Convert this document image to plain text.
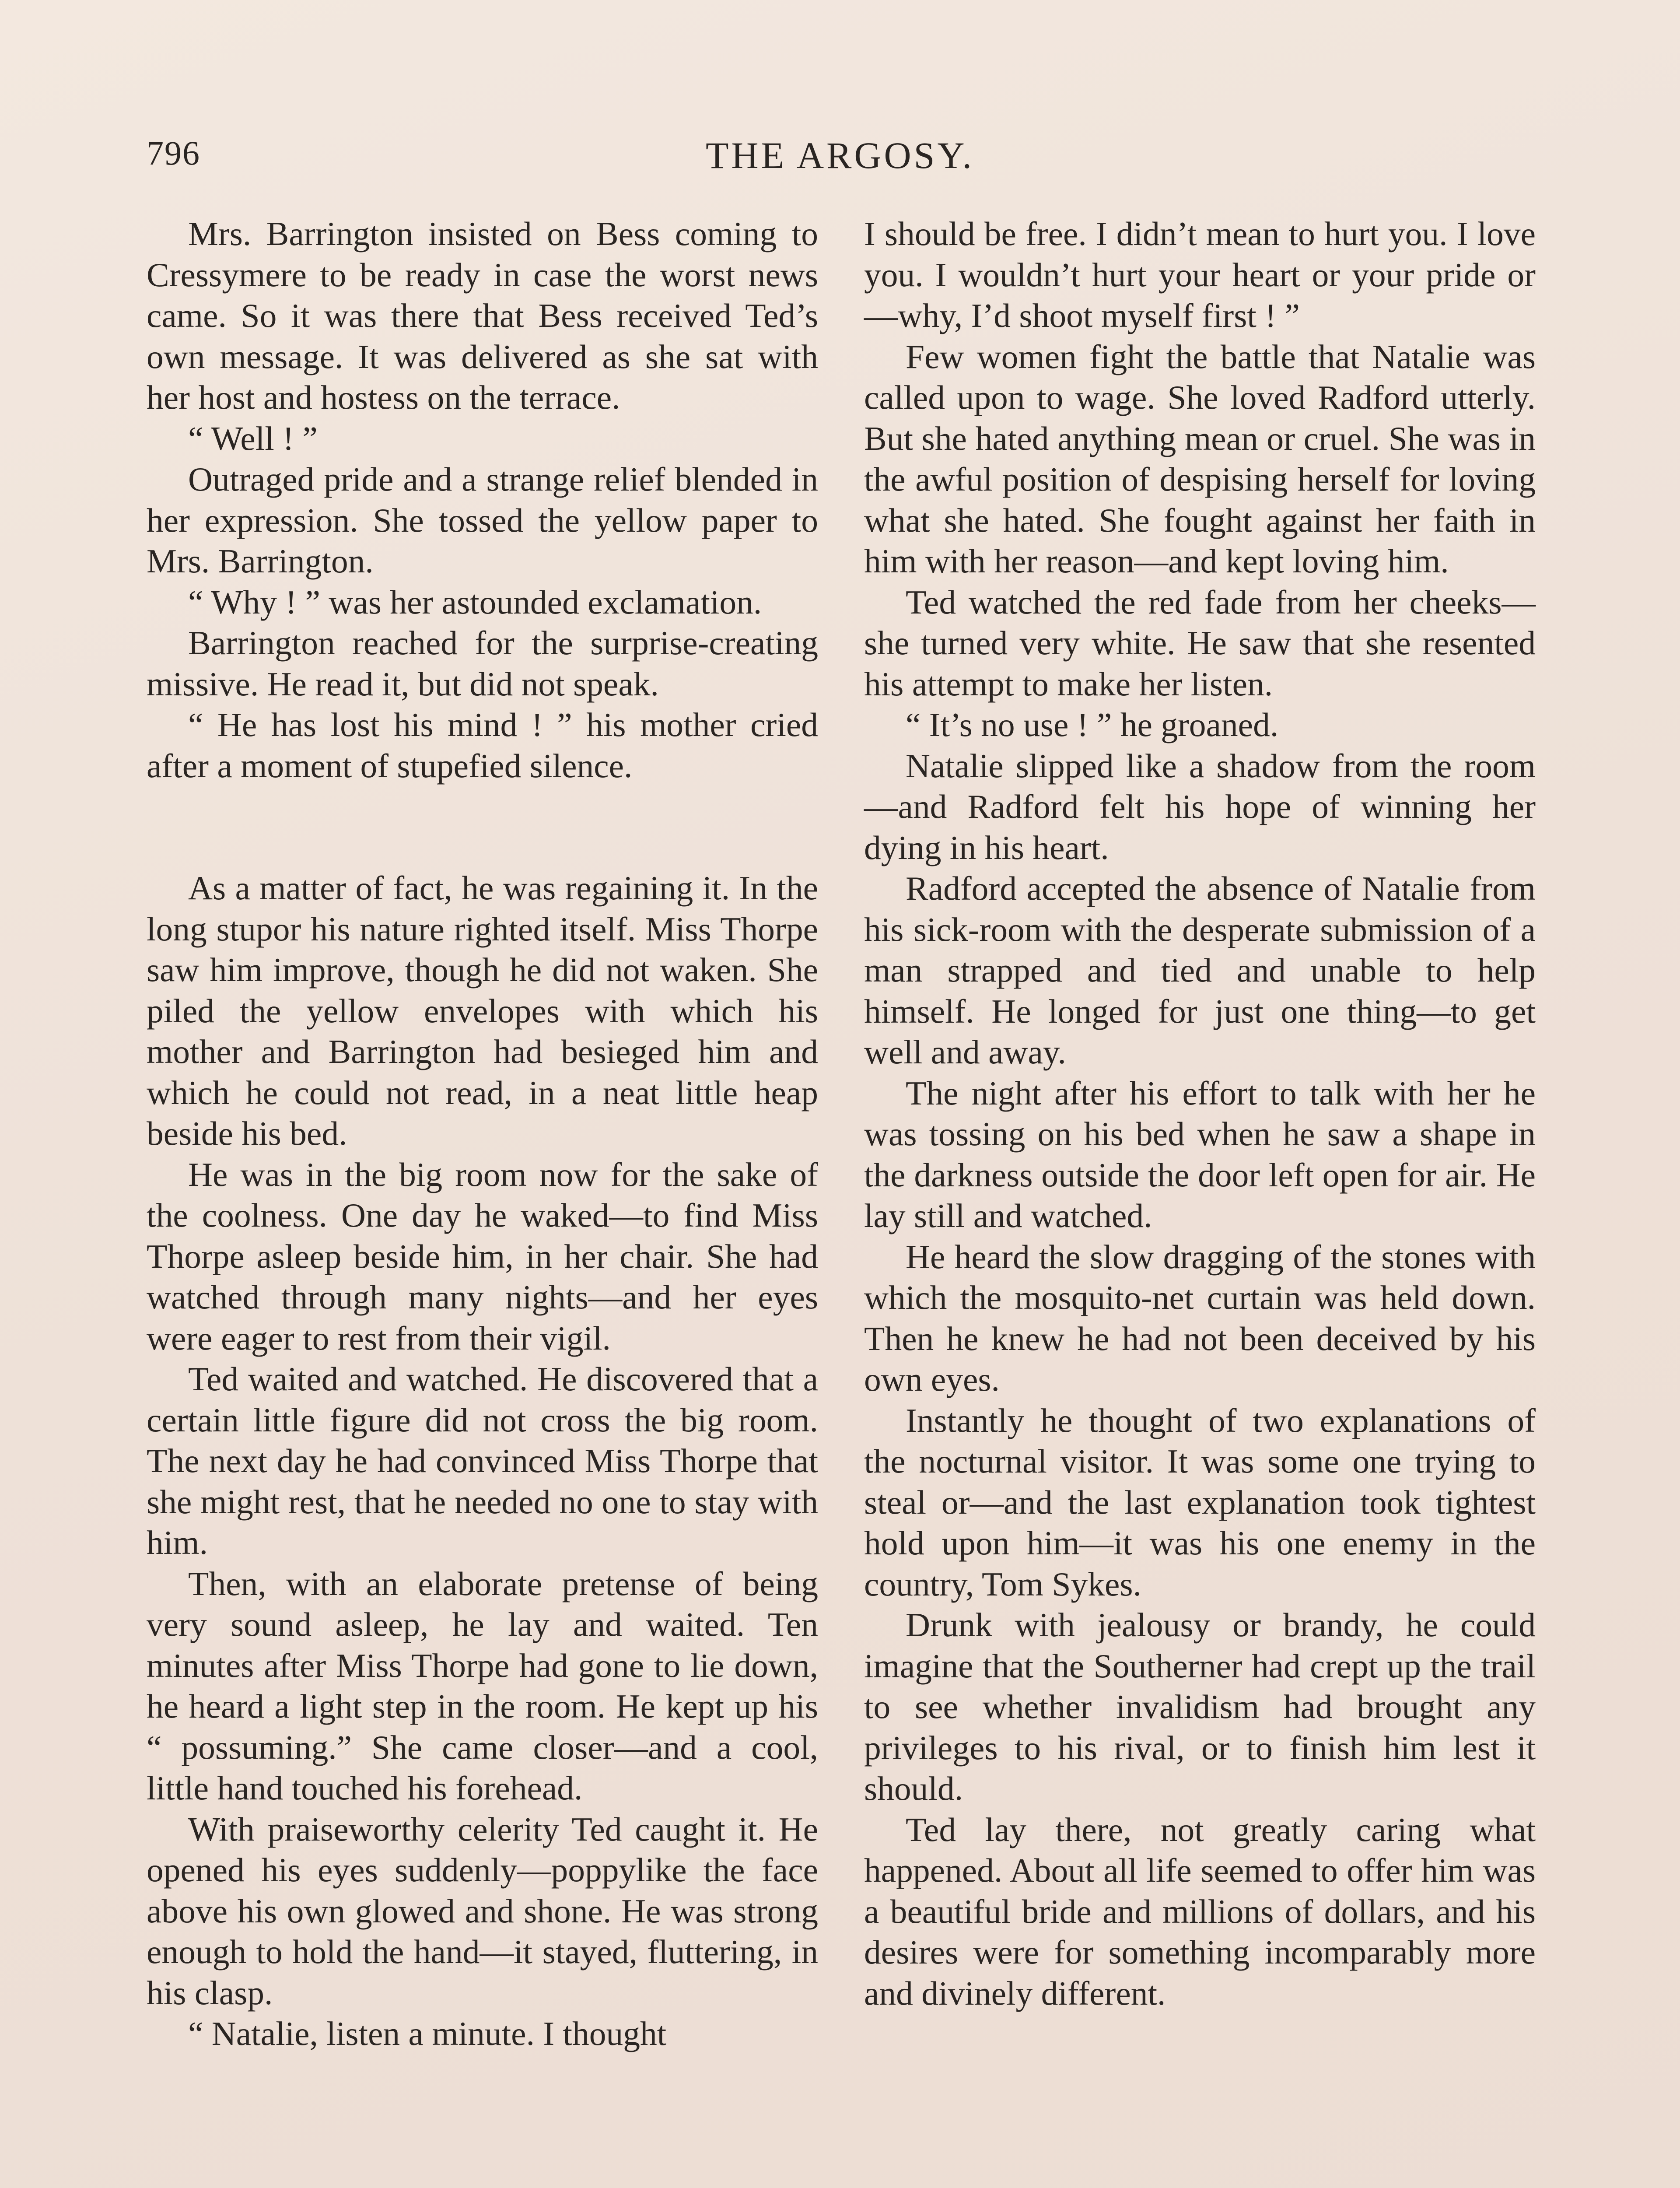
796	THE ARGOSY.

Mrs. Barrington insisted on Bess coming to Cressymere to be ready in case the worst news came. So it was there that Bess received Ted’s own message. It was delivered as she sat with her host and hostess on the terrace.

“ Well ! ”

Outraged pride and a strange relief blended in her expression. She tossed the yellow paper to Mrs. Barrington.

“ Why ! ” was her astounded exclamation.

Barrington reached for the surprise-creating missive. He read it, but did not speak.

“ He has lost his mind ! ” his mother cried after a moment of stupefied silence.

As a matter of fact, he was regaining it. In the long stupor his nature righted itself. Miss Thorpe saw him improve, though he did not waken. She piled the yellow envelopes with which his mother and Barrington had besieged him and which he could not read, in a neat little heap beside his bed.

He was in the big room now for the sake of the coolness. One day he waked—to find Miss Thorpe asleep beside him, in her chair. She had watched through many nights—and her eyes were eager to rest from their vigil.

Ted waited and watched. He discovered that a certain little figure did not cross the big room. The next day he had convinced Miss Thorpe that she might rest, that he needed no one to stay with him.

Then, with an elaborate pretense of being very sound asleep, he lay and waited. Ten minutes after Miss Thorpe had gone to lie down, he heard a light step in the room. He kept up his “ possuming.” She came closer—and a cool, little hand touched his forehead.

With praiseworthy celerity Ted caught it. He opened his eyes suddenly—poppylike the face above his own glowed and shone. He was strong enough to hold the hand—it stayed, fluttering, in his clasp.

“ Natalie, listen a minute. I thought

I should be free. I didn’t mean to hurt you. I love you. I wouldn’t hurt your heart or your pride or—why, I’d shoot myself first ! ”

Few women fight the battle that Natalie was called upon to wage. She loved Radford utterly. But she hated anything mean or cruel. She was in the awful position of despising herself for loving what she hated. She fought against her faith in him with her reason—and kept loving him.

Ted watched the red fade from her cheeks—she turned very white. He saw that she resented his attempt to make her listen.

“ It’s no use ! ” he groaned.

Natalie slipped like a shadow from the room—and Radford felt his hope of winning her dying in his heart.

Radford accepted the absence of Natalie from his sick-room with the desperate submission of a man strapped and tied and unable to help himself. He longed for just one thing—to get well and away.

The night after his effort to talk with her he was tossing on his bed when he saw a shape in the darkness outside the door left open for air. He lay still and watched.

He heard the slow dragging of the stones with which the mosquito-net curtain was held down. Then he knew he had not been deceived by his own eyes.

Instantly he thought of two explanations of the nocturnal visitor. It was some one trying to steal or—and the last explanation took tightest hold upon him—it was his one enemy in the country, Tom Sykes.

Drunk with jealousy or brandy, he could imagine that the Southerner had crept up the trail to see whether invalidism had brought any privileges to his rival, or to finish him lest it should.

Ted lay there, not greatly caring what happened. About all life seemed to offer him was a beautiful bride and millions of dollars, and his desires were for something incomparably more and divinely different.
